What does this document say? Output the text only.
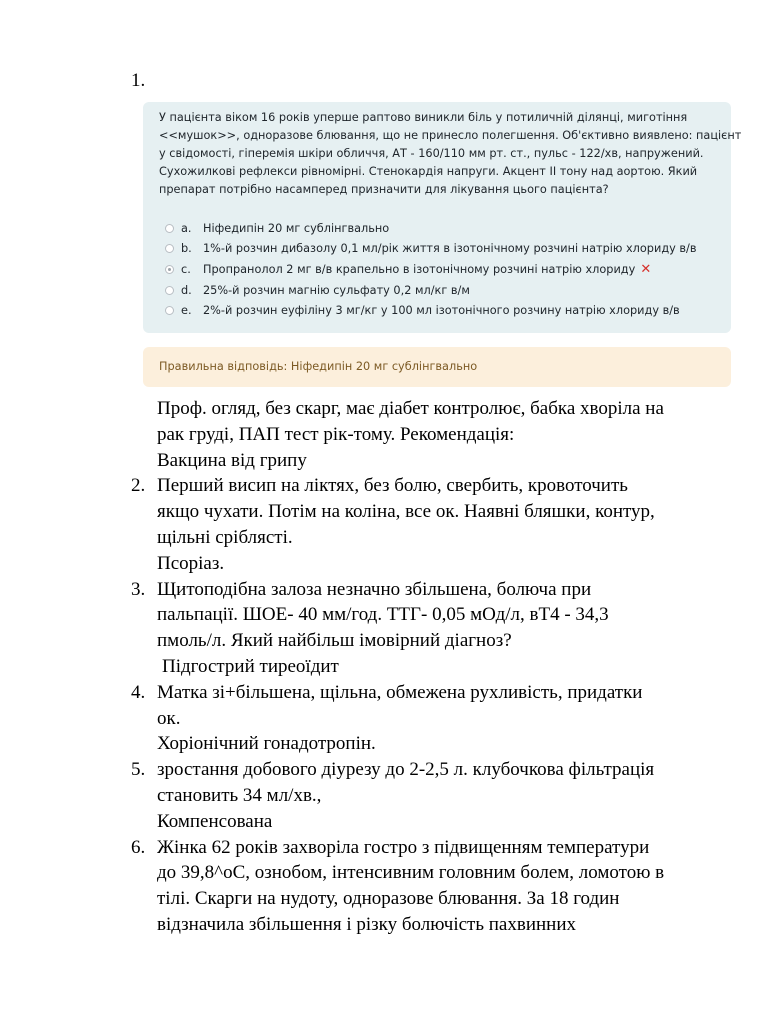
1.

У пацієнта віком 16 років уперше раптово виникли біль у потиличній ділянці, миготіння
<<мушок>>, одноразове блювання, що не принесло полегшення. Об'єктивно виявлено: пацієнт
у свідомості, гіперемія шкіри обличчя, АТ - 160/110 мм рт. ст., пульс - 122/хв, напружений.
Сухожилкові рефлекси рівномірні. Стенокардія напруги. Акцент II тону над аортою. Який
препарат потрібно насамперед призначити для лікування цього пацієнта?

a.	Ніфедипін 20 мг сублінгвально
b. 1%-й розчин дибазолу 0,1 мл/рік життя в ізотонічному розчині натрію хлориду в/в
c.	Пропранолол 2 мг в/в крапельно в ізотонічному розчині натрію хлориду ✕
d. 25%-й розчин магнію сульфату 0,2 мл/кг в/м
e.	2%-й розчин еуфіліну 3 мг/кг у 100 мл ізотонічного розчину натрію хлориду в/в
Правильна відповідь: Ніфедипін 20 мг сублінгвально
Проф. огляд, без скарг, має діабет контролює, бабка хворіла на
рак груді, ПАП тест рік-тому. Рекомендація:
Вакцина від грипу
2. Перший висип на ліктях, без болю, свербить, кровоточить
якщо чухати. Потім на коліна, все ок. Наявні бляшки, контур,
щільні сріблясті.
Псоріаз.
3. Щитоподібна залоза незначно збільшена, болюча при
пальпації. ШОЕ- 40 мм/год. ТТГ- 0,05 мОд/л, вТ4 - 34,3
пмоль/л. Який найбільш імовірний діагноз?
Підгострий тиреоїдит
4. Матка зі+більшена, щільна, обмежена рухливість, придатки
ок.
Хоріонічний гонадотропін.
5. зростання добового діурезу до 2-2,5 л. клубочкова фільтрація
становить 34 мл/хв.,
Компенсована
6. Жінка 62 років захворіла гостро з підвищенням температури
до 39,8^оС, ознобом, інтенсивним головним болем, ломотою в
тілі. Скарги на нудоту, одноразове блювання. За 18 годин
відзначила збільшення і різку болючість пахвинних
